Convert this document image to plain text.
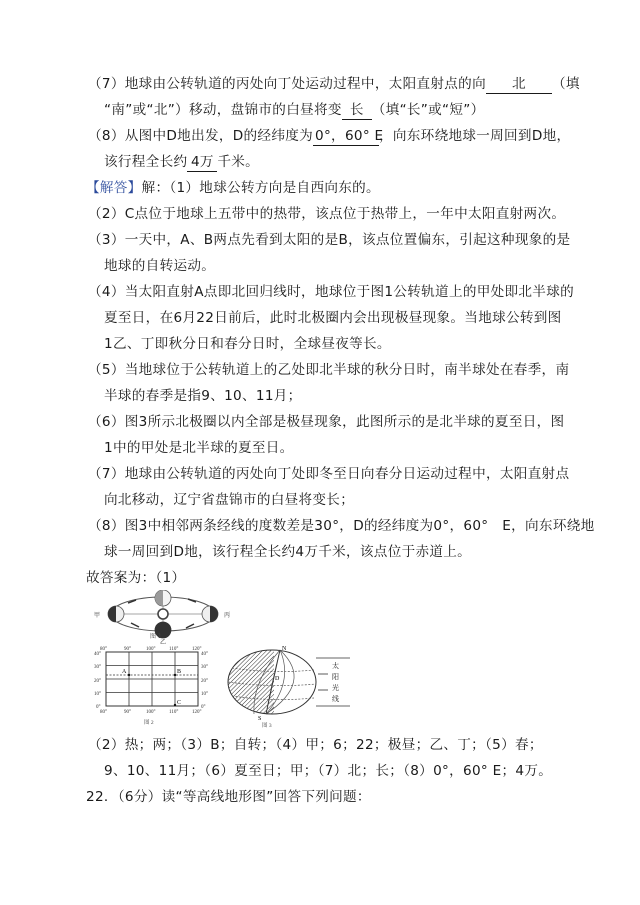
（7）地球由公转轨道的丙处向丁处运动过程中，太阳直射点的向 北 （填
“南”或“北”）移动，盘锦市的白昼将变 长 （填“长”或“短”）
（8）从图中D地出发，D的经纬度为 0°，60° E，向东环绕地球一周回到D地，
该行程全长约 4万 千米。
【解答】解：（1）地球公转方向是自西向东的。
（2）C点位于地球上五带中的热带，该点位于热带上，一年中太阳直射两次。
（3）一天中，A、B两点先看到太阳的是B，该点位置偏东，引起这种现象的是
地球的自转运动。
（4）当太阳直射A点即北回归线时，地球位于图1公转轨道上的甲处即北半球的
夏至日，在6月22日前后，此时北极圈内会出现极昼现象。当地球公转到图
1乙、丁即秋分日和春分日时，全球昼夜等长。
（5）当地球位于公转轨道上的乙处即北半球的秋分日时，南半球处在春季，南
半球的春季是指9、10、11月；
（6）图3所示北极圈以内全部是极昼现象，此图所示的是北半球的夏至日，图
1中的甲处是北半球的夏至日。
（7）地球由公转轨道的丙处向丁处即冬至日向春分日运动过程中，太阳直射点
向北移动，辽宁省盘锦市的白昼将变长；
（8）图3中相邻两条经线的度数差是30°，D的经纬度为0°，60°　E，向东环绕地
球一周回到D地，该行程全长约4万千米，该点位于赤道上。
故答案为：（1）
甲
乙
丙
图 1
A	B
C
80°	90°	100°	110°	120°
80°	90°	100°	110°	120°
40°
30°
20°
10°
0°
40°
30°
20°
10°
0°
图 2
N
S
D
太
阳
光
线
图 3
（2）热；两；（3）B；自转；（4）甲；6；22；极昼；乙、丁；（5）春；
9、10、11月；（6）夏至日；甲；（7）北；长；（8）0°，60° E；4万。
22．（6分）读“等高线地形图”回答下列问题：
